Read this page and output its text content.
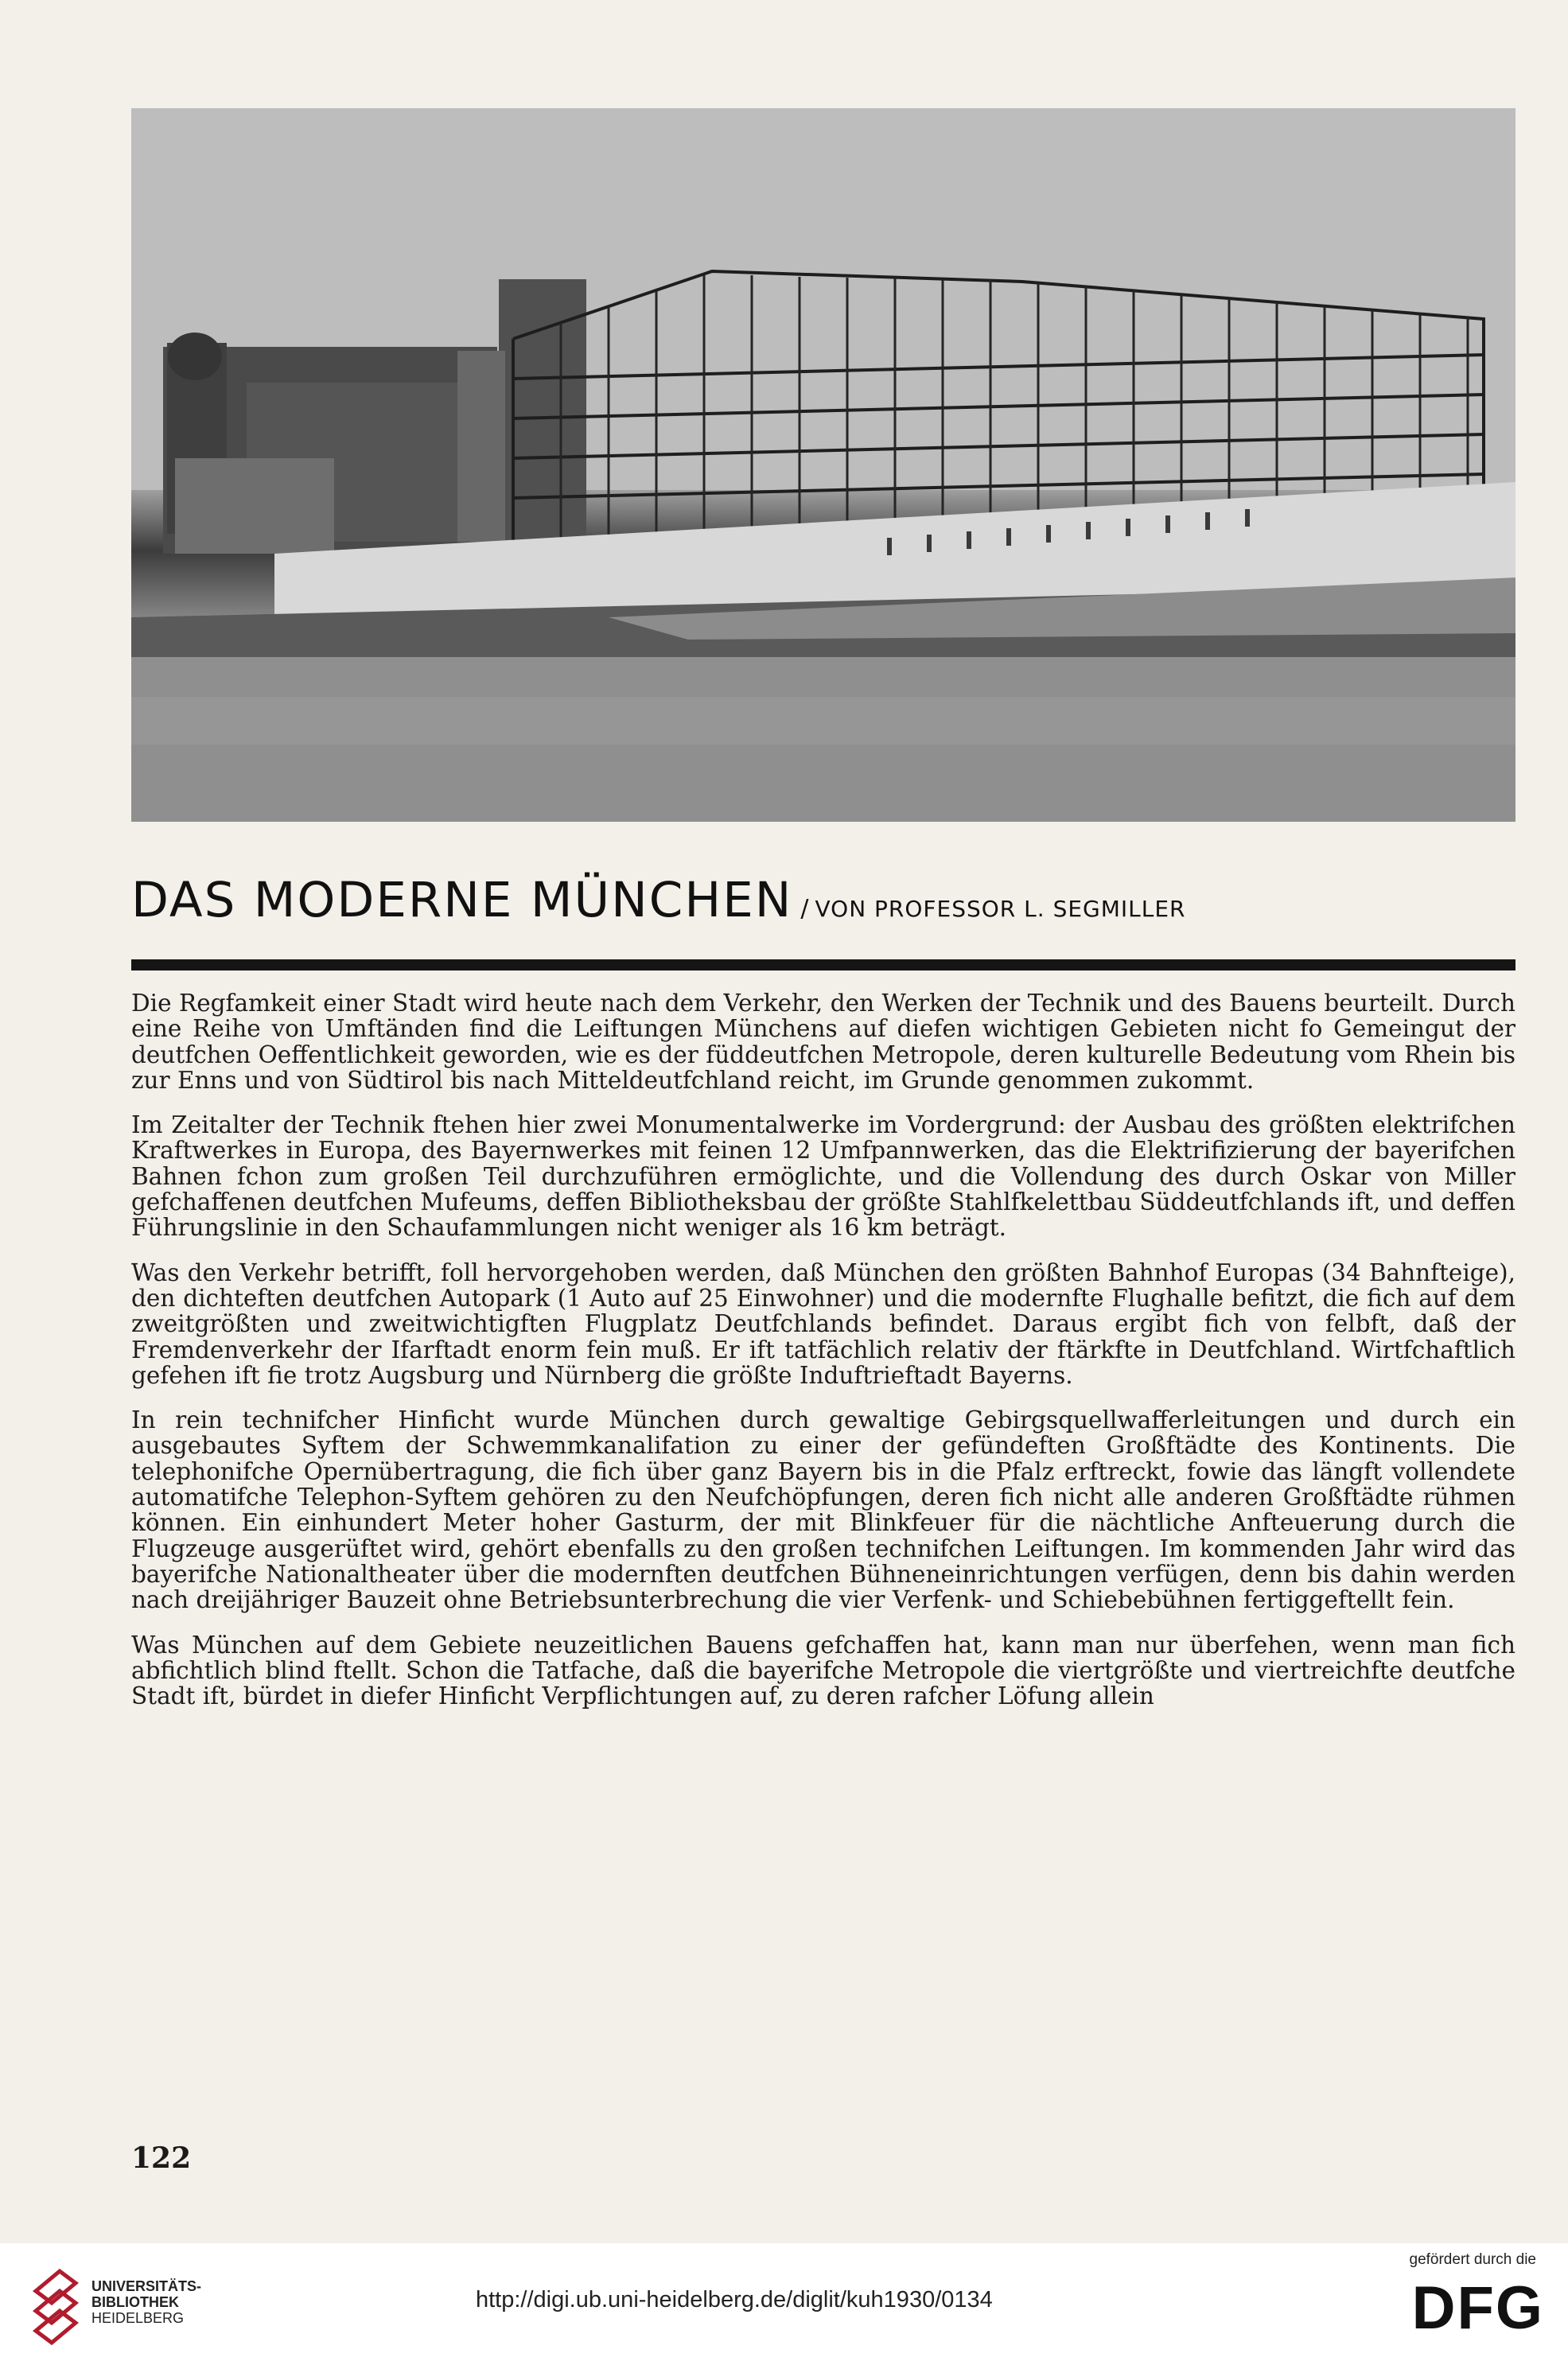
DAS MODERNE MÜNCHEN / VON PROFESSOR L. SEGMILLER

Die Regfamkeit einer Stadt wird heute nach dem Verkehr, den Werken der Technik und des Bauens beurteilt. Durch eine Reihe von Umftänden find die Leiftungen Münchens auf diefen wichtigen Gebieten nicht fo Gemeingut der deutfchen Oeffentlichkeit geworden, wie es der füddeutfchen Metropole, deren kulturelle Bedeutung vom Rhein bis zur Enns und von Südtirol bis nach Mitteldeutfchland reicht, im Grunde genommen zukommt.

Im Zeitalter der Technik ftehen hier zwei Monumentalwerke im Vordergrund: der Ausbau des größten elektrifchen Kraftwerkes in Europa, des Bayernwerkes mit feinen 12 Umfpannwerken, das die Elektrifizierung der bayerifchen Bahnen fchon zum großen Teil durchzuführen ermöglichte, und die Vollendung des durch Oskar von Miller gefchaffenen deutfchen Mufeums, deffen Bibliotheksbau der größte Stahlfkelettbau Süddeutfchlands ift, und deffen Führungslinie in den Schaufammlungen nicht weniger als 16 km beträgt.

Was den Verkehr betrifft, foll hervorgehoben werden, daß München den größten Bahnhof Europas (34 Bahnfteige), den dichteften deutfchen Autopark (1 Auto auf 25 Einwohner) und die modernfte Flughalle befitzt, die fich auf dem zweitgrößten und zweitwichtigften Flugplatz Deutfchlands befindet. Daraus ergibt fich von felbft, daß der Fremdenverkehr der Ifarftadt enorm fein muß. Er ift tatfächlich relativ der ftärkfte in Deutfchland. Wirtfchaftlich gefehen ift fie trotz Augsburg und Nürnberg die größte Induftrieftadt Bayerns.

In rein technifcher Hinficht wurde München durch gewaltige Gebirgsquellwafferleitungen und durch ein ausgebautes Syftem der Schwemmkanalifation zu einer der gefündeften Großftädte des Kontinents. Die telephonifche Opernübertragung, die fich über ganz Bayern bis in die Pfalz erftreckt, fowie das längft vollendete automatifche Telephon-Syftem gehören zu den Neufchöpfungen, deren fich nicht alle anderen Großftädte rühmen können. Ein einhundert Meter hoher Gasturm, der mit Blinkfeuer für die nächtliche Anfteuerung durch die Flugzeuge ausgerüftet wird, gehört ebenfalls zu den großen technifchen Leiftungen. Im kommenden Jahr wird das bayerifche Nationaltheater über die modernften deutfchen Bühneneinrichtungen verfügen, denn bis dahin werden nach dreijähriger Bauzeit ohne Betriebsunterbrechung die vier Verfenk- und Schiebebühnen fertiggeftellt fein.

Was München auf dem Gebiete neuzeitlichen Bauens gefchaffen hat, kann man nur überfehen, wenn man fich abfichtlich blind ftellt. Schon die Tatfache, daß die bayerifche Metropole die viertgrößte und viertreichfte deutfche Stadt ift, bürdet in diefer Hinficht Verpflichtungen auf, zu deren rafcher Löfung allein

122
UNIVERSITÄTS-
BIBLIOTHEK
HEIDELBERG
http://digi.ub.uni-heidelberg.de/diglit/kuh1930/0134
gefördert durch die
DFG
